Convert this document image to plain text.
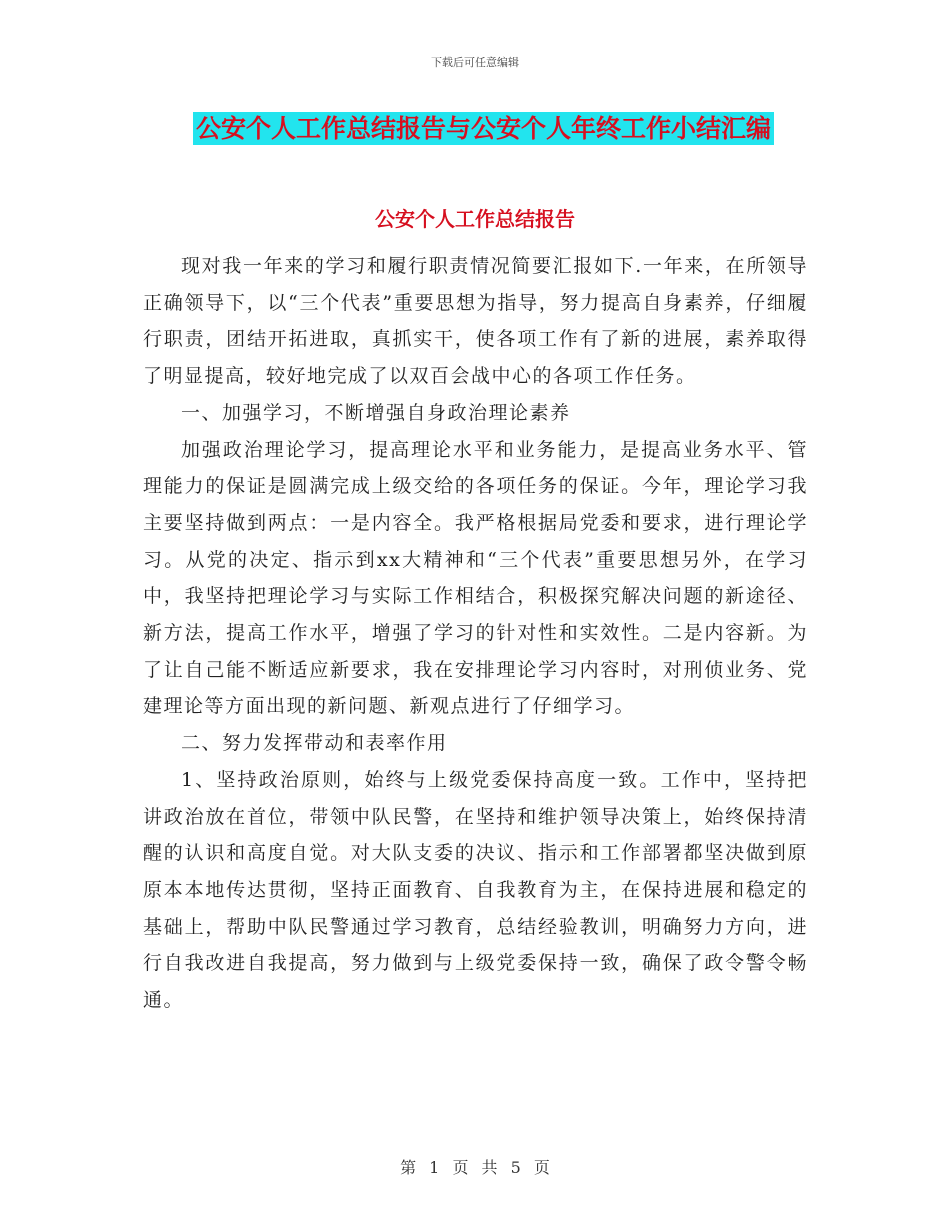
下载后可任意编辑
公安个人工作总结报告与公安个人年终工作小结汇编
公安个人工作总结报告

现对我一年来的学习和履行职责情况简要汇报如下.一年来，在所领导正确领导下，以“三个代表”重要思想为指导，努力提高自身素养，仔细履行职责，团结开拓进取，真抓实干，使各项工作有了新的进展，素养取得了明显提高，较好地完成了以双百会战中心的各项工作任务。

一、加强学习，不断增强自身政治理论素养

加强政治理论学习，提高理论水平和业务能力，是提高业务水平、管理能力的保证是圆满完成上级交给的各项任务的保证。今年，理论学习我主要坚持做到两点：一是内容全。我严格根据局党委和要求，进行理论学习。从党的决定、指示到xx大精神和“三个代表”重要思想另外，在学习中，我坚持把理论学习与实际工作相结合，积极探究解决问题的新途径、新方法，提高工作水平，增强了学习的针对性和实效性。二是内容新。为了让自己能不断适应新要求，我在安排理论学习内容时，对刑侦业务、党建理论等方面出现的新问题、新观点进行了仔细学习。

二、努力发挥带动和表率作用

1、坚持政治原则，始终与上级党委保持高度一致。工作中，坚持把讲政治放在首位，带领中队民警，在坚持和维护领导决策上，始终保持清醒的认识和高度自觉。对大队支委的决议、指示和工作部署都坚决做到原原本本地传达贯彻，坚持正面教育、自我教育为主，在保持进展和稳定的基础上，帮助中队民警通过学习教育，总结经验教训，明确努力方向，进行自我改进自我提高，努力做到与上级党委保持一致，确保了政令警令畅通。

第 1 页 共 5 页
